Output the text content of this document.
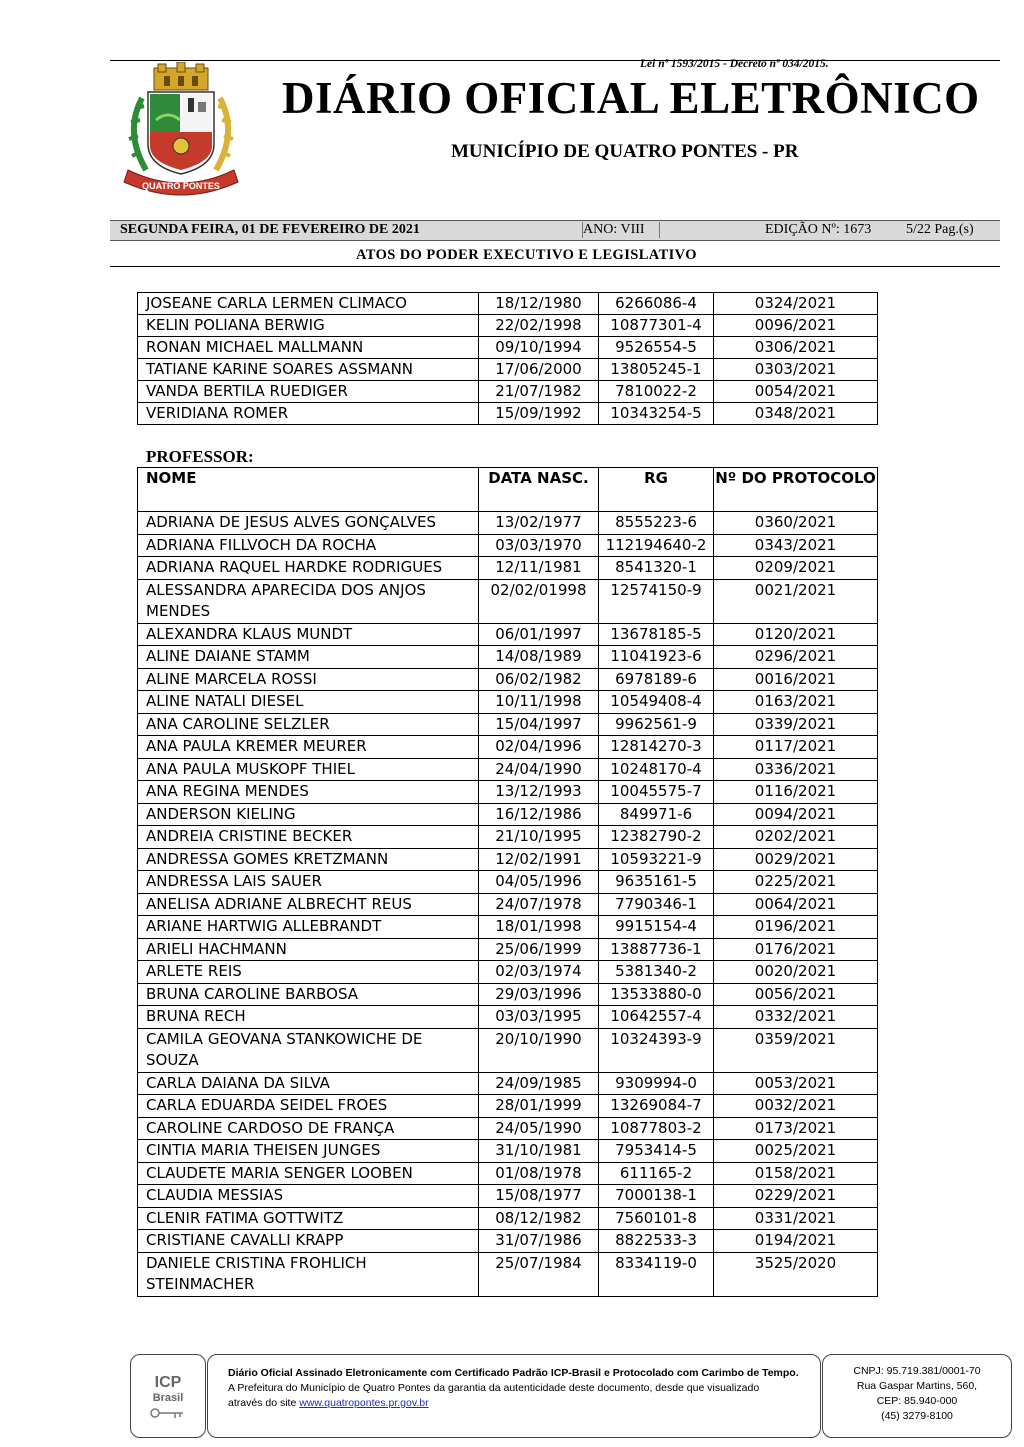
Lei nº 1593/2015 - Decreto nº 034/2015.
QUATRO PONTES
DIÁRIO OFICIAL ELETRÔNICO
MUNICÍPIO DE QUATRO PONTES - PR
SEGUNDA FEIRA, 01 DE FEVEREIRO DE 2021	ANO: VIII	EDIÇÃO Nº: 1673 5/22 Pag.(s)
ATOS DO PODER EXECUTIVO E LEGISLATIVO
JOSEANE CARLA LERMEN CLIMACO	18/12/1980	6266086-4	0324/2021
KELIN POLIANA BERWIG	22/02/1998	10877301-4	0096/2021
RONAN MICHAEL MALLMANN	09/10/1994	9526554-5	0306/2021
TATIANE KARINE SOARES ASSMANN	17/06/2000	13805245-1	0303/2021
VANDA BERTILA RUEDIGER	21/07/1982	7810022-2	0054/2021
VERIDIANA ROMER	15/09/1992	10343254-5	0348/2021
PROFESSOR:
NOME	DATA NASC.	RG	Nº DO PROTOCOLO
ADRIANA DE JESUS ALVES GONÇALVES	13/02/1977	8555223-6	0360/2021
ADRIANA FILLVOCH DA ROCHA	03/03/1970	112194640-2	0343/2021
ADRIANA RAQUEL HARDKE RODRIGUES	12/11/1981	8541320-1	0209/2021
ALESSANDRA APARECIDA DOS ANJOS MENDES	02/02/01998	12574150-9	0021/2021
ALEXANDRA KLAUS MUNDT	06/01/1997	13678185-5	0120/2021
ALINE DAIANE STAMM	14/08/1989	11041923-6	0296/2021
ALINE MARCELA ROSSI	06/02/1982	6978189-6	0016/2021
ALINE NATALI DIESEL	10/11/1998	10549408-4	0163/2021
ANA CAROLINE SELZLER	15/04/1997	9962561-9	0339/2021
ANA PAULA KREMER MEURER	02/04/1996	12814270-3	0117/2021
ANA PAULA MUSKOPF THIEL	24/04/1990	10248170-4	0336/2021
ANA REGINA MENDES	13/12/1993	10045575-7	0116/2021
ANDERSON KIELING	16/12/1986	849971-6	0094/2021
ANDREIA CRISTINE BECKER	21/10/1995	12382790-2	0202/2021
ANDRESSA GOMES KRETZMANN	12/02/1991	10593221-9	0029/2021
ANDRESSA LAIS SAUER	04/05/1996	9635161-5	0225/2021
ANELISA ADRIANE ALBRECHT REUS	24/07/1978	7790346-1	0064/2021
ARIANE HARTWIG ALLEBRANDT	18/01/1998	9915154-4	0196/2021
ARIELI HACHMANN	25/06/1999	13887736-1	0176/2021
ARLETE REIS	02/03/1974	5381340-2	0020/2021
BRUNA CAROLINE BARBOSA	29/03/1996	13533880-0	0056/2021
BRUNA RECH	03/03/1995	10642557-4	0332/2021
CAMILA GEOVANA STANKOWICHE DE SOUZA	20/10/1990	10324393-9	0359/2021
CARLA DAIANA DA SILVA	24/09/1985	9309994-0	0053/2021
CARLA EDUARDA SEIDEL FROES	28/01/1999	13269084-7	0032/2021
CAROLINE CARDOSO DE FRANÇA	24/05/1990	10877803-2	0173/2021
CINTIA MARIA THEISEN JUNGES	31/10/1981	7953414-5	0025/2021
CLAUDETE MARIA SENGER LOOBEN	01/08/1978	611165-2	0158/2021
CLAUDIA MESSIAS	15/08/1977	7000138-1	0229/2021
CLENIR FATIMA GOTTWITZ	08/12/1982	7560101-8	0331/2021
CRISTIANE CAVALLI KRAPP	31/07/1986	8822533-3	0194/2021
DANIELE CRISTINA FROHLICH STEINMACHER	25/07/1984	8334119-0	3525/2020
ICP
Brasil
Diário Oficial Assinado Eletronicamente com Certificado Padrão ICP-Brasil e Protocolado com Carimbo de Tempo.
A Prefeitura do Município de Quatro Pontes da garantia da autenticidade deste documento, desde que visualizado
através do site www.quatropontes.pr.gov.br
CNPJ: 95.719.381/0001-70
Rua Gaspar Martins, 560,
CEP: 85.940-000
(45) 3279-8100
